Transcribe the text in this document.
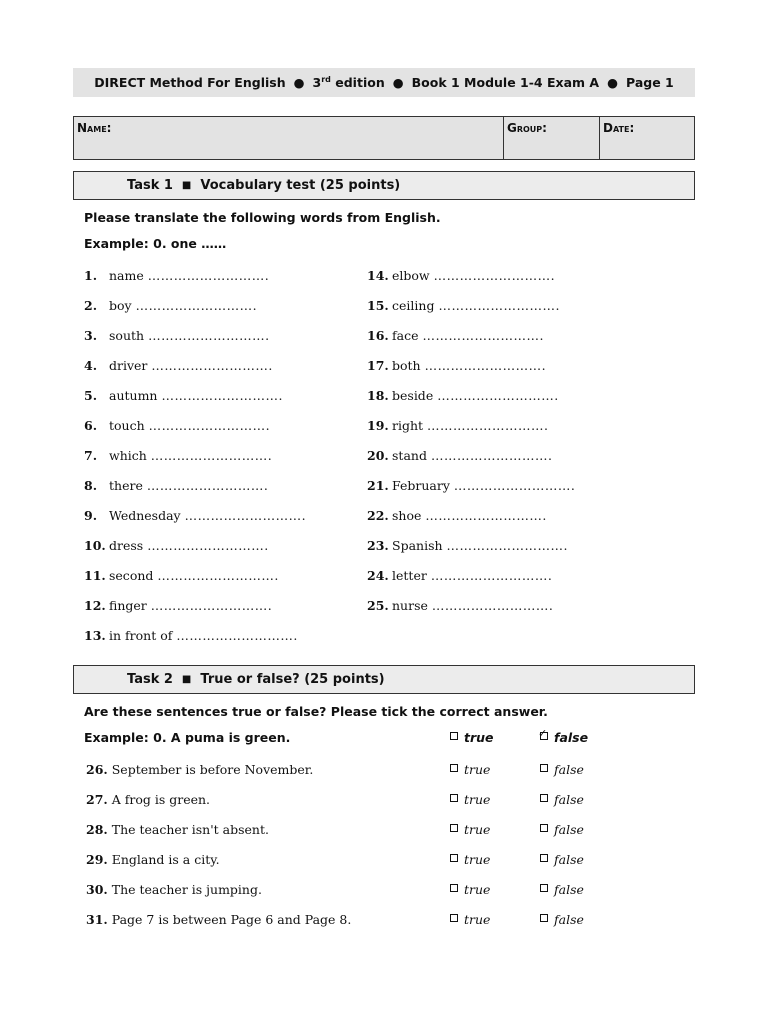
DIRECT Method For English ● 3rd edition ● Book 1 Module 1-4 Exam A ● Page 1
Name:	Group:	Date:
Task 1 ■ Vocabulary test (25 points)
Please translate the following words from English.
Example: 0. one ……
1. name ……………………….
2. boy ……………………….
3. south ……………………….
4. driver ……………………….
5. autumn ……………………….
6. touch ……………………….
7. which ……………………….
8. there ……………………….
9. Wednesday ……………………….
10. dress ……………………….
11. second ……………………….
12. finger ……………………….
13. in front of ……………………….
14. elbow ……………………….
15. ceiling ……………………….
16. face ……………………….
17. both ……………………….
18. beside ……………………….
19. right ……………………….
20. stand ……………………….
21. February ……………………….
22. shoe ……………………….
23. Spanish ……………………….
24. letter ……………………….
25. nurse ……………………….
Task 2 ■ True or false? (25 points)
Are these sentences true or false? Please tick the correct answer.
Example: 0. A puma is green.	true	✓ false
26. September is before November.	true	false
27. A frog is green.	true	false
28. The teacher isn't absent.	true	false
29. England is a city.	true	false
30. The teacher is jumping.	true	false
31. Page 7 is between Page 6 and Page 8.	true	false
